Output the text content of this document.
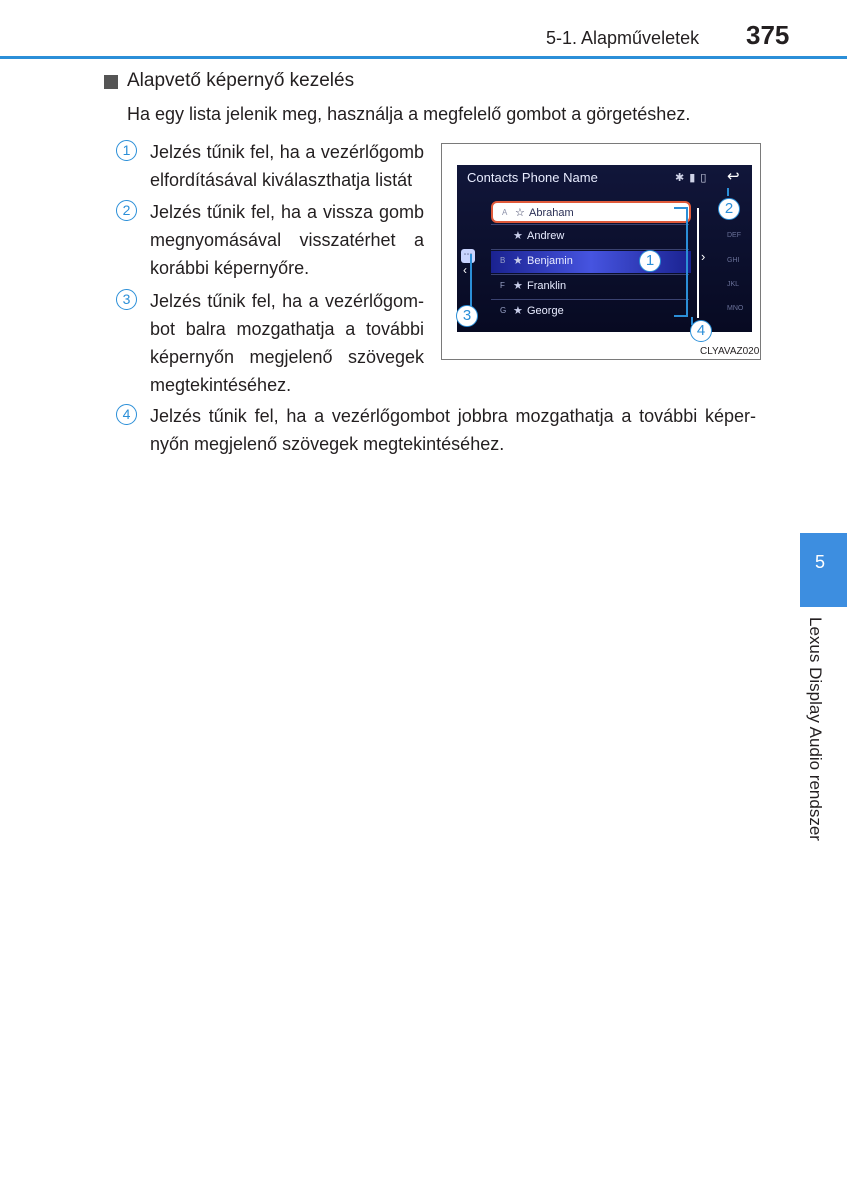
5-1. Alapműveletek 375
Alapvető képernyő kezelés
Ha egy lista jelenik meg, használja a megfelelő gombot a görgetéshez.
1	Jelzés tűnik fel, ha a vezérlőgomb elfordításával kiválaszthatja listát
2	Jelzés tűnik fel, ha a vissza gomb megnyomásával visszatérhet a korábbi képernyőre.
3	Jelzés tűnik fel, ha a vezérlőgom-bot balra mozgathatja a további képernyőn megjelenő szövegek megtekintéséhez.
4	Jelzés tűnik fel, ha a vezérlőgombot jobbra mozgathatja a további képer-nyőn megjelenő szövegek megtekintéséhez.
Contacts Phone Name	✱ ▮ ▯ ↩
⋯
‹
A ☆ Abraham
★ Andrew
B ★ Benjamin
F ★ Franklin
G ★ George
›
DEF
GHI
JKL
MNO
1
2
3
4
CLYAVAZ020
5
Lexus Display Audio rendszer
